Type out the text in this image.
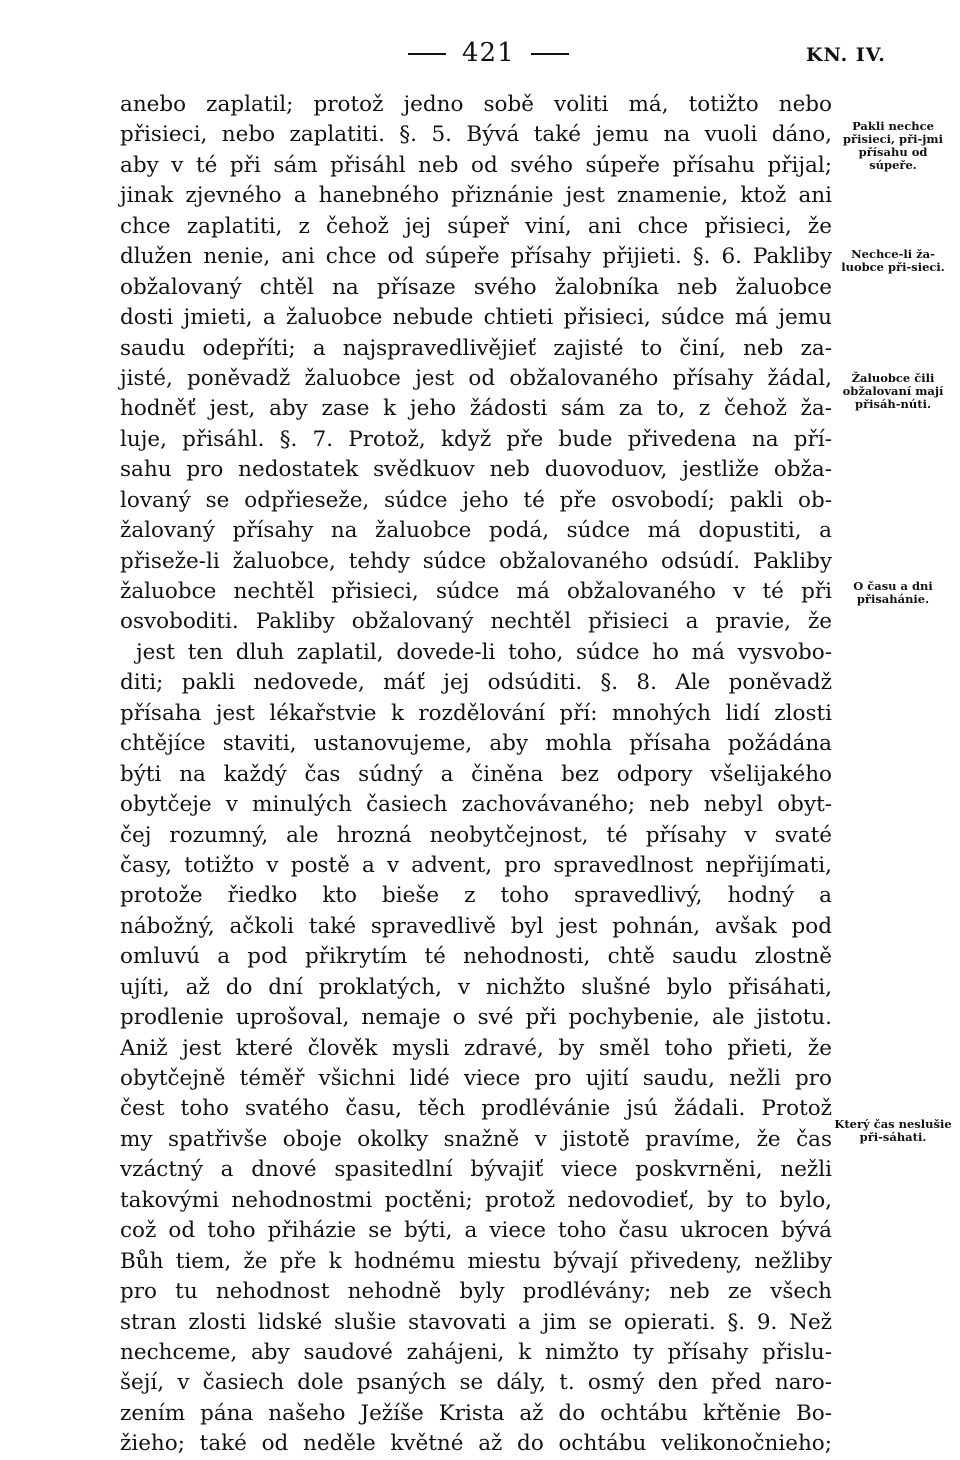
421	KN. IV.
anebo zaplatil; protož jedno sobě voliti má, totižto nebo
přisieci, nebo zaplatiti. §. 5. Bývá také jemu na vuoli dáno,
aby v té při sám přisáhl neb od svého súpeře přísahu přijal;
jinak zjevného a hanebného přiznánie jest znamenie, ktož ani
chce zaplatiti, z čehož jej súpeř viní, ani chce přisieci, že
dlužen nenie, ani chce od súpeře přísahy přijieti. §. 6. Pakliby
obžalovaný chtěl na přísaze svého žalobníka neb žaluobce
dosti jmieti, a žaluobce nebude chtieti přisieci, súdce má jemu
saudu odepříti; a najspravedlivějieť zajisté to činí, neb za-
jisté, poněvadž žaluobce jest od obžalovaného přísahy žádal,
hodněť jest, aby zase k jeho žádosti sám za to, z čehož ža-
luje, přisáhl. §. 7. Protož, když pře bude přivedena na pří-
sahu pro nedostatek svědkuov neb duovoduov, jestliže obža-
lovaný se odpřieseže, súdce jeho té pře osvobodí; pakli ob-
žalovaný přísahy na žaluobce podá, súdce má dopustiti, a
přiseže-li žaluobce, tehdy súdce obžalovaného odsúdí. Pakliby
žaluobce nechtěl přisieci, súdce má obžalovaného v té při
osvoboditi. Pakliby obžalovaný nechtěl přisieci a pravie, že
jest ten dluh zaplatil, dovede-li toho, súdce ho má vysvobo-
diti; pakli nedovede, máť jej odsúditi. §. 8. Ale poněvadž
přísaha jest lékařstvie k rozdělování pří: mnohých lidí zlosti
chtějíce staviti, ustanovujeme, aby mohla přísaha požádána
býti na každý čas súdný a činěna bez odpory všelijakého
obytčeje v minulých časiech zachovávaného; neb nebyl obyt-
čej rozumný, ale hrozná neobytčejnost, té přísahy v svaté
časy, totižto v postě a v advent, pro spravedlnost nepřijímati,
protože řiedko kto bieše z toho spravedlivý, hodný a
nábožný, ačkoli také spravedlivě byl jest pohnán, avšak pod
omluvú a pod přikrytím té nehodnosti, chtě saudu zlostně
ujíti, až do dní proklatých, v nichžto slušné bylo přisáhati,
prodlenie uprošoval, nemaje o své při pochybenie, ale jistotu.
Aniž jest které člověk mysli zdravé, by směl toho přieti, že
obytčejně téměř všichni lidé viece pro ujití saudu, nežli pro
čest toho svatého času, těch prodlévánie jsú žádali. Protož
my spatřivše oboje okolky snažně v jistotě pravíme, že čas
vzáctný a dnové spasitedlní bývajiť viece poskvrněni, nežli
takovými nehodnostmi poctěni; protož nedovodieť, by to bylo,
což od toho přiházie se býti, a viece toho času ukrocen bývá
Bůh tiem, že pře k hodnému miestu bývají přivedeny, nežliby
pro tu nehodnost nehodně byly prodlévány; neb ze všech
stran zlosti lidské slušie stavovati a jim se opierati. §. 9. Než
nechceme, aby saudové zahájeni, k nimžto ty přísahy přislu-
šejí, v časiech dole psaných se dály, t. osmý den před naro-
zením pána našeho Ježíše Krista až do ochtábu křtěnie Bo-
žieho; také od neděle květné až do ochtábu velikonočnieho;
Pakli nechce přisieci, při-jmi přísahu od súpeře.
Nechce-li ža-luobce při-sieci.
Žaluobce čili obžalovaní mají přisáh-núti.
O času a dni přisahánie.
Který čas neslušie při-sáhati.
